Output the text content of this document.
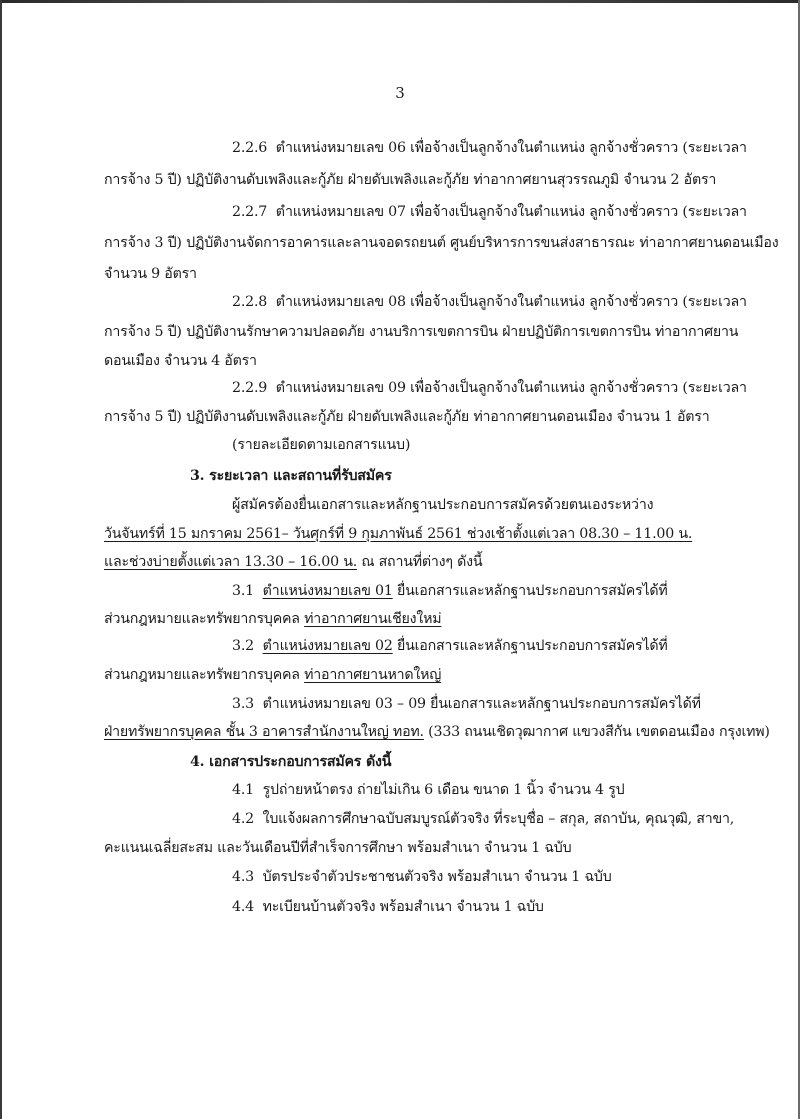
3
2.2.6 ตำแหน่งหมายเลข 06 เพื่อจ้างเป็นลูกจ้างในตำแหน่ง ลูกจ้างชั่วคราว (ระยะเวลา
การจ้าง 5 ปี) ปฏิบัติงานดับเพลิงและกู้ภัย ฝ่ายดับเพลิงและกู้ภัย ท่าอากาศยานสุวรรณภูมิ จำนวน 2 อัตรา
2.2.7 ตำแหน่งหมายเลข 07 เพื่อจ้างเป็นลูกจ้างในตำแหน่ง ลูกจ้างชั่วคราว (ระยะเวลา
การจ้าง 3 ปี) ปฏิบัติงานจัดการอาคารและลานจอดรถยนต์ ศูนย์บริหารการขนส่งสาธารณะ ท่าอากาศยานดอนเมือง
จำนวน 9 อัตรา
2.2.8 ตำแหน่งหมายเลข 08 เพื่อจ้างเป็นลูกจ้างในตำแหน่ง ลูกจ้างชั่วคราว (ระยะเวลา
การจ้าง 5 ปี) ปฏิบัติงานรักษาความปลอดภัย งานบริการเขตการบิน ฝ่ายปฏิบัติการเขตการบิน ท่าอากาศยาน
ดอนเมือง จำนวน 4 อัตรา
2.2.9 ตำแหน่งหมายเลข 09 เพื่อจ้างเป็นลูกจ้างในตำแหน่ง ลูกจ้างชั่วคราว (ระยะเวลา
การจ้าง 5 ปี) ปฏิบัติงานดับเพลิงและกู้ภัย ฝ่ายดับเพลิงและกู้ภัย ท่าอากาศยานดอนเมือง จำนวน 1 อัตรา
(รายละเอียดตามเอกสารแนบ)
3. ระยะเวลา และสถานที่รับสมัคร
ผู้สมัครต้องยื่นเอกสารและหลักฐานประกอบการสมัครด้วยตนเองระหว่าง
วันจันทร์ที่ 15 มกราคม 2561– วันศุกร์ที่ 9 กุมภาพันธ์ 2561 ช่วงเช้าตั้งแต่เวลา 08.30 – 11.00 น.
และช่วงบ่ายตั้งแต่เวลา 13.30 – 16.00 น. ณ สถานที่ต่างๆ ดังนี้
3.1 ตำแหน่งหมายเลข 01 ยื่นเอกสารและหลักฐานประกอบการสมัครได้ที่
ส่วนกฎหมายและทรัพยากรบุคคล ท่าอากาศยานเชียงใหม่
3.2 ตำแหน่งหมายเลข 02 ยื่นเอกสารและหลักฐานประกอบการสมัครได้ที่
ส่วนกฎหมายและทรัพยากรบุคคล ท่าอากาศยานหาดใหญ่
3.3 ตำแหน่งหมายเลข 03 – 09 ยื่นเอกสารและหลักฐานประกอบการสมัครได้ที่
ฝ่ายทรัพยากรบุคคล ชั้น 3 อาคารสำนักงานใหญ่ ทอท. (333 ถนนเชิดวุฒากาศ แขวงสีกัน เขตดอนเมือง กรุงเทพ)
4. เอกสารประกอบการสมัคร ดังนี้
4.1 รูปถ่ายหน้าตรง ถ่ายไม่เกิน 6 เดือน ขนาด 1 นิ้ว จำนวน 4 รูป
4.2 ใบแจ้งผลการศึกษาฉบับสมบูรณ์ตัวจริง ที่ระบุชื่อ – สกุล, สถาบัน, คุณวุฒิ, สาขา,
คะแนนเฉลี่ยสะสม และวันเดือนปีที่สำเร็จการศึกษา พร้อมสำเนา จำนวน 1 ฉบับ
4.3 บัตรประจำตัวประชาชนตัวจริง พร้อมสำเนา จำนวน 1 ฉบับ
4.4 ทะเบียนบ้านตัวจริง พร้อมสำเนา จำนวน 1 ฉบับ
